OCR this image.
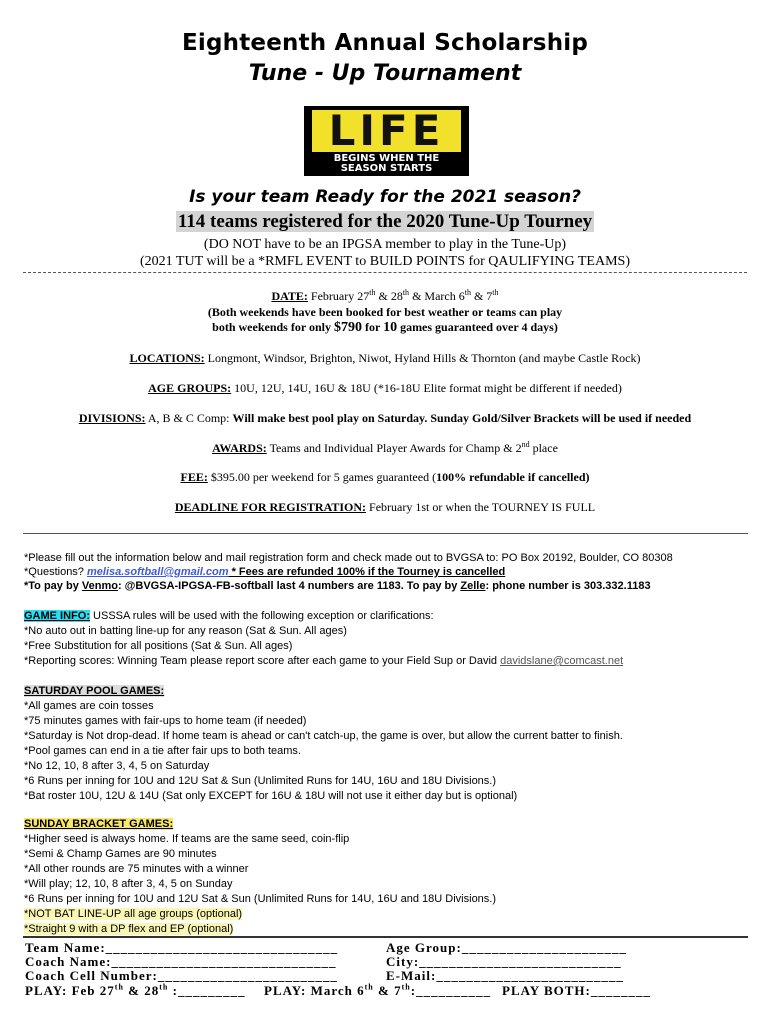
Eighteenth Annual Scholarship
Tune - Up Tournament
LIFE
BEGINS WHEN THE
SEASON STARTS
Is your team Ready for the 2021 season?
114 teams registered for the 2020 Tune-Up Tourney
(DO NOT have to be an IPGSA member to play in the Tune-Up)
(2021 TUT will be a *RMFL EVENT to BUILD POINTS for QAULIFYING TEAMS)
DATE: February 27th & 28th & March 6th & 7th
(Both weekends have been booked for best weather or teams can play
both weekends for only $790 for 10 games guaranteed over 4 days)
LOCATIONS: Longmont, Windsor, Brighton, Niwot, Hyland Hills & Thornton (and maybe Castle Rock)
AGE GROUPS: 10U, 12U, 14U, 16U & 18U (*16-18U Elite format might be different if needed)
DIVISIONS: A, B & C Comp: Will make best pool play on Saturday. Sunday Gold/Silver Brackets will be used if needed
AWARDS: Teams and Individual Player Awards for Champ & 2nd place
FEE: $395.00 per weekend for 5 games guaranteed (100% refundable if cancelled)
DEADLINE FOR REGISTRATION: February 1st or when the TOURNEY IS FULL
*Please fill out the information below and mail registration form and check made out to BVGSA to: PO Box 20192, Boulder, CO 80308
*Questions? melisa.softball@gmail.com * Fees are refunded 100% if the Tourney is cancelled
*To pay by Venmo: @BVGSA-IPGSA-FB-softball last 4 numbers are 1183. To pay by Zelle: phone number is 303.332.1183
GAME INFO: USSSA rules will be used with the following exception or clarifications:
*No auto out in batting line-up for any reason (Sat & Sun. All ages)
*Free Substitution for all positions (Sat & Sun. All ages)
*Reporting scores: Winning Team please report score after each game to your Field Sup or David davidslane@comcast.net
SATURDAY POOL GAMES:
*All games are coin tosses
*75 minutes games with fair-ups to home team (if needed)
*Saturday is Not drop-dead. If home team is ahead or can't catch-up, the game is over, but allow the current batter to finish.
*Pool games can end in a tie after fair ups to both teams.
*No 12, 10, 8 after 3, 4, 5 on Saturday
*6 Runs per inning for 10U and 12U Sat & Sun (Unlimited Runs for 14U, 16U and 18U Divisions.)
*Bat roster 10U, 12U & 14U (Sat only EXCEPT for 16U & 18U will not use it either day but is optional)
SUNDAY BRACKET GAMES:
*Higher seed is always home. If teams are the same seed, coin-flip
*Semi & Champ Games are 90 minutes
*All other rounds are 75 minutes with a winner
*Will play; 12, 10, 8 after 3, 4, 5 on Sunday
*6 Runs per inning for 10U and 12U Sat & Sun (Unlimited Runs for 14U, 16U and 18U Divisions.)
*NOT BAT LINE-UP all age groups (optional)
*Straight 9 with a DP flex and EP (optional)
Team Name:_______________________________	Age Group:______________________
Coach Name:______________________________	City:___________________________
Coach Cell Number:________________________	E-Mail:_________________________
PLAY: Feb 27th & 28th :_________ PLAY: March 6th & 7th:__________ PLAY BOTH:________
